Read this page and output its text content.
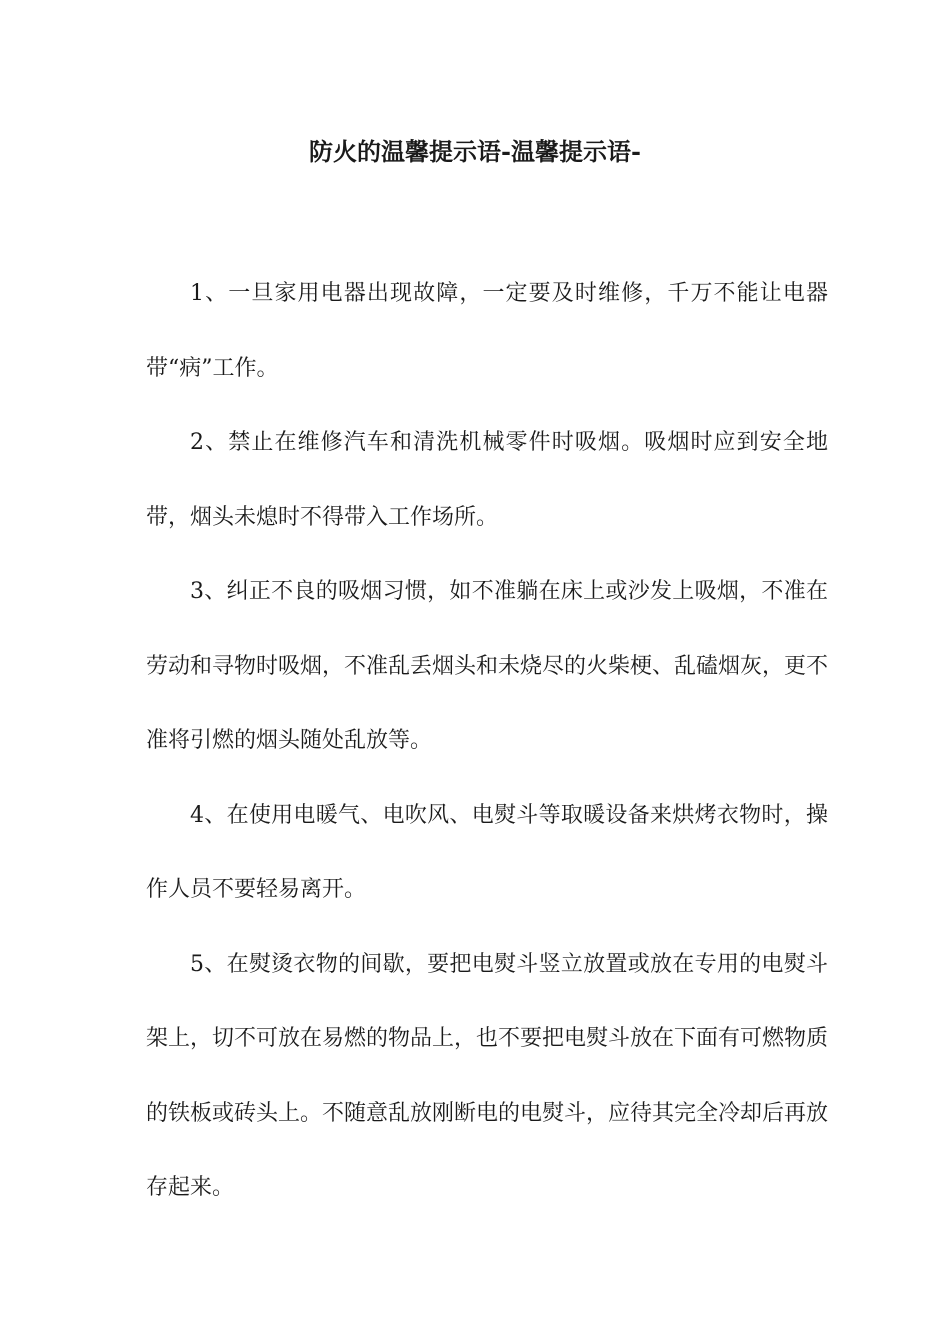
防火的温馨提示语-温馨提示语-

1、一旦家用电器出现故障，一定要及时维修，千万不能让电器带“病”工作。

2、禁止在维修汽车和清洗机械零件时吸烟。吸烟时应到安全地带，烟头未熄时不得带入工作场所。

3、纠正不良的吸烟习惯，如不准躺在床上或沙发上吸烟，不准在劳动和寻物时吸烟，不准乱丢烟头和未烧尽的火柴梗、乱磕烟灰，更不准将引燃的烟头随处乱放等。

4、在使用电暖气、电吹风、电熨斗等取暖设备来烘烤衣物时，操作人员不要轻易离开。

5、在熨烫衣物的间歇，要把电熨斗竖立放置或放在专用的电熨斗架上，切不可放在易燃的物品上，也不要把电熨斗放在下面有可燃物质的铁板或砖头上。不随意乱放刚断电的电熨斗，应待其完全冷却后再放存起来。
